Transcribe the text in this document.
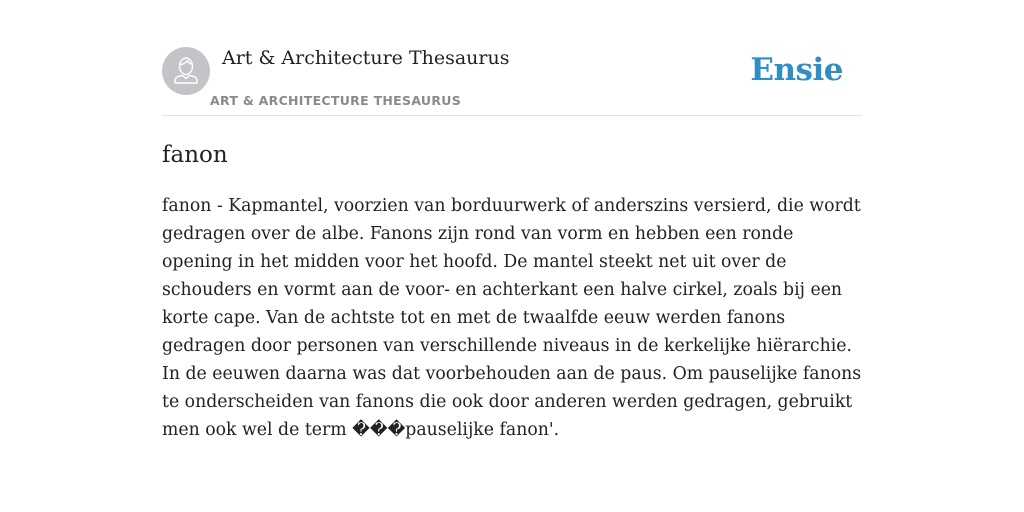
Art & Architecture Thesaurus
ART & ARCHITECTURE THESAURUS
Ensie
fanon

fanon - Kapmantel, voorzien van borduurwerk of anderszins versierd, die wordt gedragen over de albe. Fanons zijn rond van vorm en hebben een ronde opening in het midden voor het hoofd. De mantel steekt net uit over de schouders en vormt aan de voor- en achterkant een halve cirkel, zoals bij een korte cape. Van de achtste tot en met de twaalfde eeuw werden fanons gedragen door personen van verschillende niveaus in de kerkelijke hiërarchie. In de eeuwen daarna was dat voorbehouden aan de paus. Om pauselijke fanons te onderscheiden van fanons die ook door anderen werden gedragen, gebruikt men ook wel de term ���pauselijke fanon'.
